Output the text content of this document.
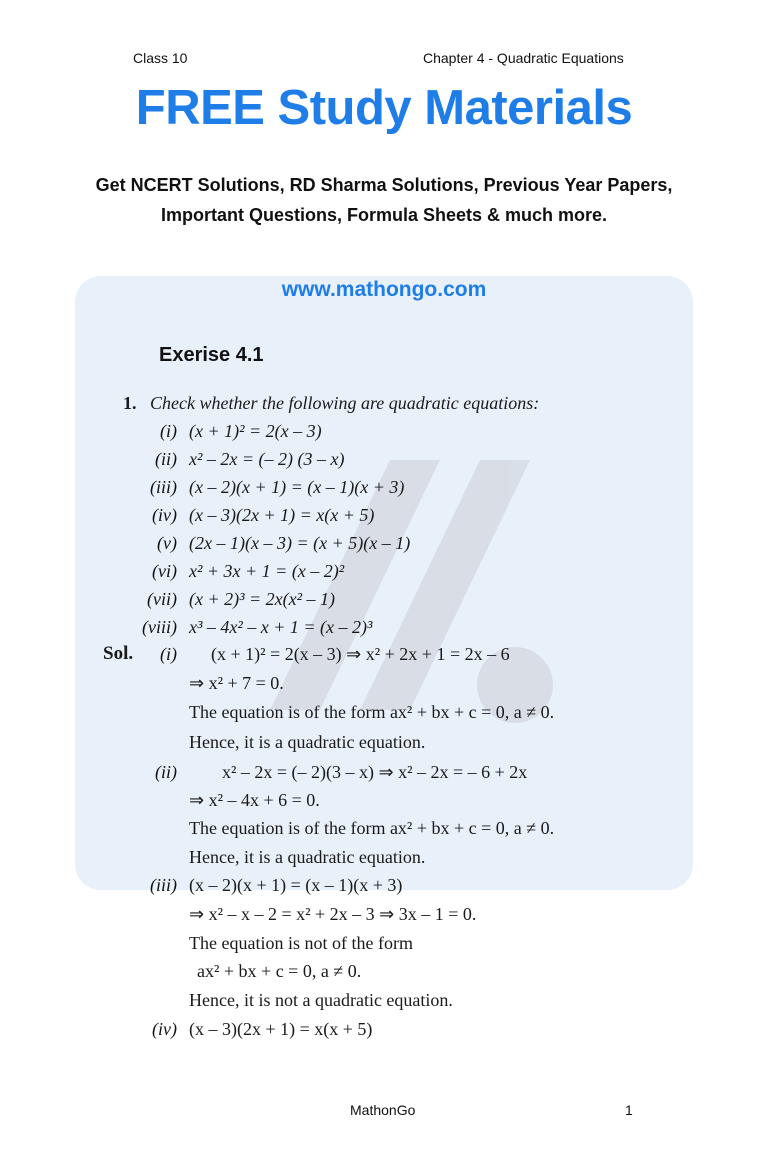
Class 10	Chapter 4 - Quadratic Equations
FREE Study Materials
Get NCERT Solutions, RD Sharma Solutions, Previous Year Papers,
Important Questions, Formula Sheets & much more.
www.mathongo.com
Exerise 4.1
1. Check whether the following are quadratic equations:
(i) (x + 1)² = 2(x – 3)
(ii) x² – 2x = (– 2) (3 – x)
(iii) (x – 2)(x + 1) = (x – 1)(x + 3)
(iv) (x – 3)(2x + 1) = x(x + 5)
(v) (2x – 1)(x – 3) = (x + 5)(x – 1)
(vi) x² + 3x + 1 = (x – 2)²
(vii) (x + 2)³ = 2x(x² – 1)
(viii) x³ – 4x² – x + 1 = (x – 2)³
Sol.	(i) (x + 1)² = 2(x – 3) ⇒ x² + 2x + 1 = 2x – 6
⇒ x² + 7 = 0.
The equation is of the form ax² + bx + c = 0, a ≠ 0.
Hence, it is a quadratic equation.
(ii)	x² – 2x = (– 2)(3 – x) ⇒ x² – 2x = – 6 + 2x
⇒ x² – 4x + 6 = 0.
The equation is of the form ax² + bx + c = 0, a ≠ 0.
Hence, it is a quadratic equation.
(iii) (x – 2)(x + 1) = (x – 1)(x + 3)
⇒ x² – x – 2 = x² + 2x – 3 ⇒ 3x – 1 = 0.
The equation is not of the form
ax² + bx + c = 0, a ≠ 0.
Hence, it is not a quadratic equation.
(iv) (x – 3)(2x + 1) = x(x + 5)
MathonGo	1
